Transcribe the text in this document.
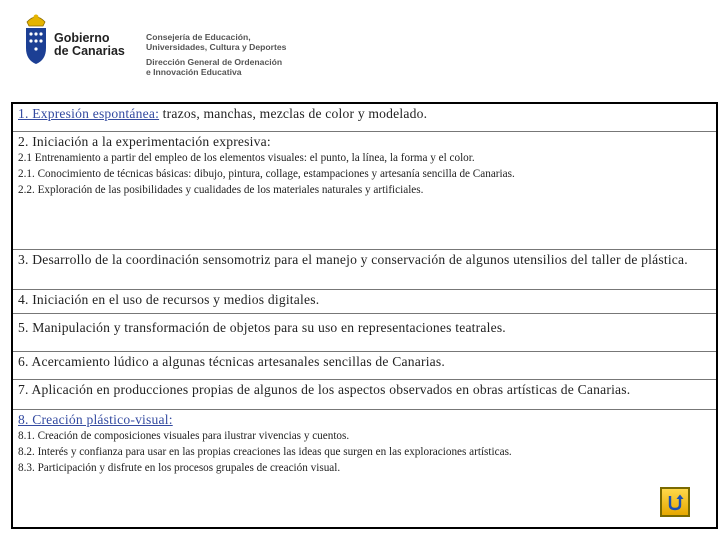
Gobierno
de Canarias
Consejería de Educación,
Universidades, Cultura y Deportes
Dirección General de Ordenación
e Innovación Educativa
1. Expresión espontánea: trazos, manchas, mezclas de color y modelado.
2. Iniciación a la experimentación expresiva:

2.1 Entrenamiento a partir del empleo de los elementos visuales: el punto, la línea, la forma y el color.

2.1. Conocimiento de técnicas básicas: dibujo, pintura, collage, estampaciones y artesanía sencilla de Canarias.

2.2. Exploración de las posibilidades y cualidades de los materiales naturales y artificiales.

3. Desarrollo de la coordinación sensomotriz para el manejo y conservación de algunos utensilios del taller de plástica.
4. Iniciación en el uso de recursos y medios digitales.
5. Manipulación y transformación de objetos para su uso en representaciones teatrales.
6. Acercamiento lúdico a algunas técnicas artesanales sencillas de Canarias.
7. Aplicación en producciones propias de algunos de los aspectos observados en obras artísticas de Canarias.
8. Creación plástico-visual:

8.1. Creación de composiciones visuales para ilustrar vivencias y cuentos.

8.2. Interés y confianza para usar en las propias creaciones las ideas que surgen en las exploraciones artísticas.

8.3. Participación y disfrute en los procesos grupales de creación visual.
